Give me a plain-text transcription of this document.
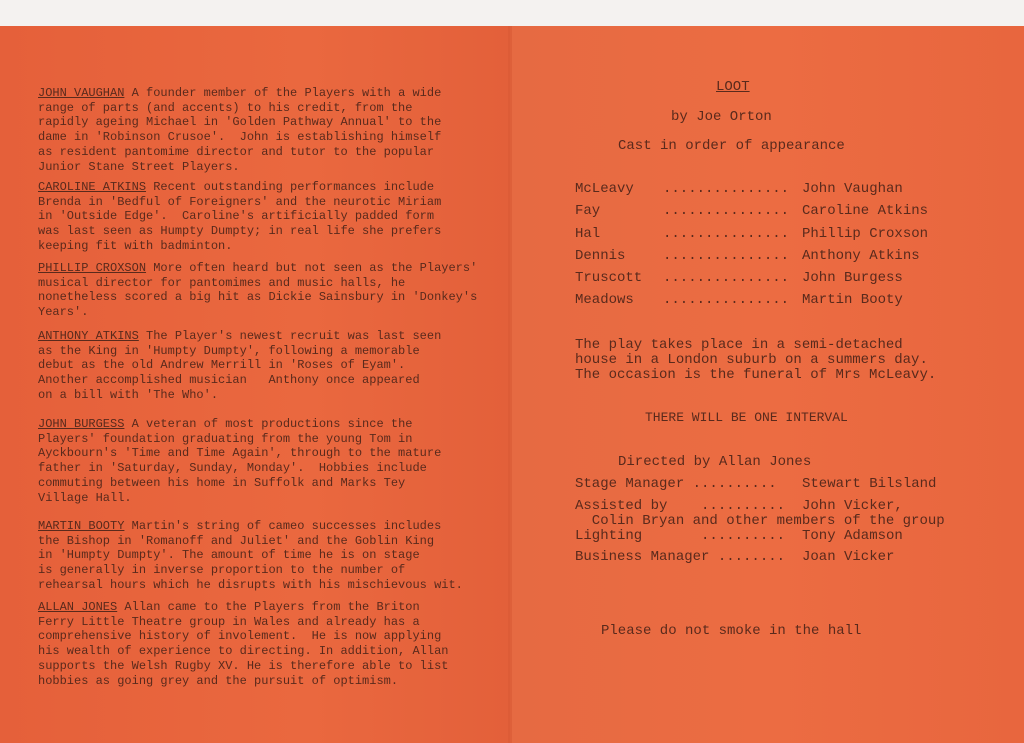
JOHN VAUGHAN A founder member of the Players with a wide
range of parts (and accents) to his credit, from the
rapidly ageing Michael in 'Golden Pathway Annual' to the
dame in 'Robinson Crusoe'.  John is establishing himself
as resident pantomime director and tutor to the popular
Junior Stane Street Players.
CAROLINE ATKINS Recent outstanding performances include
Brenda in 'Bedful of Foreigners' and the neurotic Miriam
in 'Outside Edge'.  Caroline's artificially padded form
was last seen as Humpty Dumpty; in real life she prefers
keeping fit with badminton.
PHILLIP CROXSON More often heard but not seen as the Players'
musical director for pantomimes and music halls, he
nonetheless scored a big hit as Dickie Sainsbury in 'Donkey's
Years'.
ANTHONY ATKINS The Player's newest recruit was last seen
as the King in 'Humpty Dumpty', following a memorable
debut as the old Andrew Merrill in 'Roses of Eyam'.
Another accomplished musician   Anthony once appeared
on a bill with 'The Who'.
JOHN BURGESS A veteran of most productions since the
Players' foundation graduating from the young Tom in
Ayckbourn's 'Time and Time Again', through to the mature
father in 'Saturday, Sunday, Monday'.  Hobbies include
commuting between his home in Suffolk and Marks Tey
Village Hall.
MARTIN BOOTY Martin's string of cameo successes includes
the Bishop in 'Romanoff and Juliet' and the Goblin King
in 'Humpty Dumpty'. The amount of time he is on stage
is generally in inverse proportion to the number of
rehearsal hours which he disrupts with his mischievous wit.
ALLAN JONES Allan came to the Players from the Briton
Ferry Little Theatre group in Wales and already has a
comprehensive history of involement.  He is now applying
his wealth of experience to directing. In addition, Allan
supports the Welsh Rugby XV. He is therefore able to list
hobbies as going grey and the pursuit of optimism.
LOOT
by Joe Orton
Cast in order of appearance
McLeavy ............... John Vaughan
Fay	............... Caroline Atkins
Hal	............... Phillip Croxson
Dennis	............... Anthony Atkins
Truscott ............... John Burgess
Meadows ............... Martin Booty
The play takes place in a semi-detached
house in a London suburb on a summers day.
The occasion is the funeral of Mrs McLeavy.
THERE WILL BE ONE INTERVAL
Directed by Allan Jones
Stage Manager .......... Stewart Bilsland
Assisted by    .......... John Vicker,
Colin Bryan and other members of the group
Lighting       .......... Tony Adamson
Business Manager ........ Joan Vicker
Please do not smoke in the hall
